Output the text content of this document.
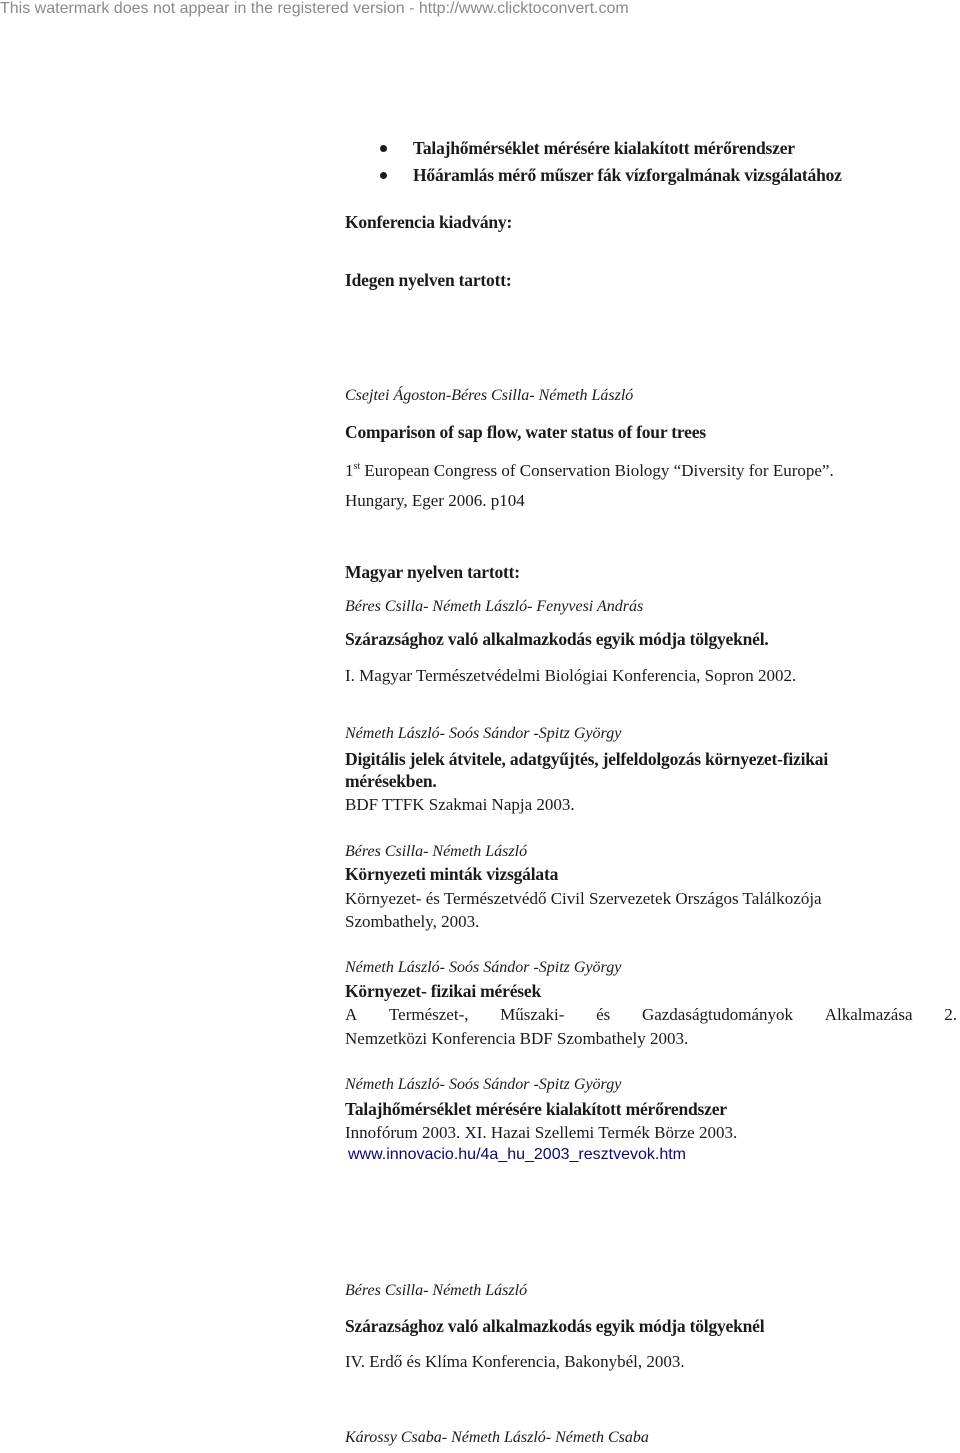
This watermark does not appear in the registered version - http://www.clicktoconvert.com
Talajhőmérséklet mérésére kialakított mérőrendszer
Hőáramlás mérő műszer fák vízforgalmának vizsgálatához
Konferencia kiadvány:
Idegen nyelven tartott:
Csejtei Ágoston-Béres Csilla- Németh László
Comparison of sap flow, water status of four trees
1st European Congress of Conservation Biology “Diversity for Europe”.
Hungary, Eger 2006. p104
Magyar nyelven tartott:
Béres Csilla- Németh László- Fenyvesi András
Szárazsághoz való alkalmazkodás egyik módja tölgyeknél.
I. Magyar Természetvédelmi Biológiai Konferencia, Sopron 2002.
Németh László- Soós Sándor -Spitz György
Digitális jelek átvitele, adatgyűjtés, jelfeldolgozás környezet-fizikai
mérésekben.
BDF TTFK Szakmai Napja 2003.
Béres Csilla- Németh László
Környezeti minták vizsgálata
Környezet- és Természetvédő Civil Szervezetek Országos Találkozója
Szombathely, 2003.
Németh László- Soós Sándor -Spitz György
Környezet- fizikai mérések
A Természet-, Műszaki- és Gazdaságtudományok Alkalmazása 2.
Nemzetközi Konferencia BDF Szombathely 2003.
Németh László- Soós Sándor -Spitz György
Talajhőmérséklet mérésére kialakított mérőrendszer
Innofórum 2003. XI. Hazai Szellemi Termék Börze 2003.
www.innovacio.hu/4a_hu_2003_resztvevok.htm
Béres Csilla- Németh László
Szárazsághoz való alkalmazkodás egyik módja tölgyeknél
IV. Erdő és Klíma Konferencia, Bakonybél, 2003.
Károssy Csaba- Németh László- Németh Csaba
